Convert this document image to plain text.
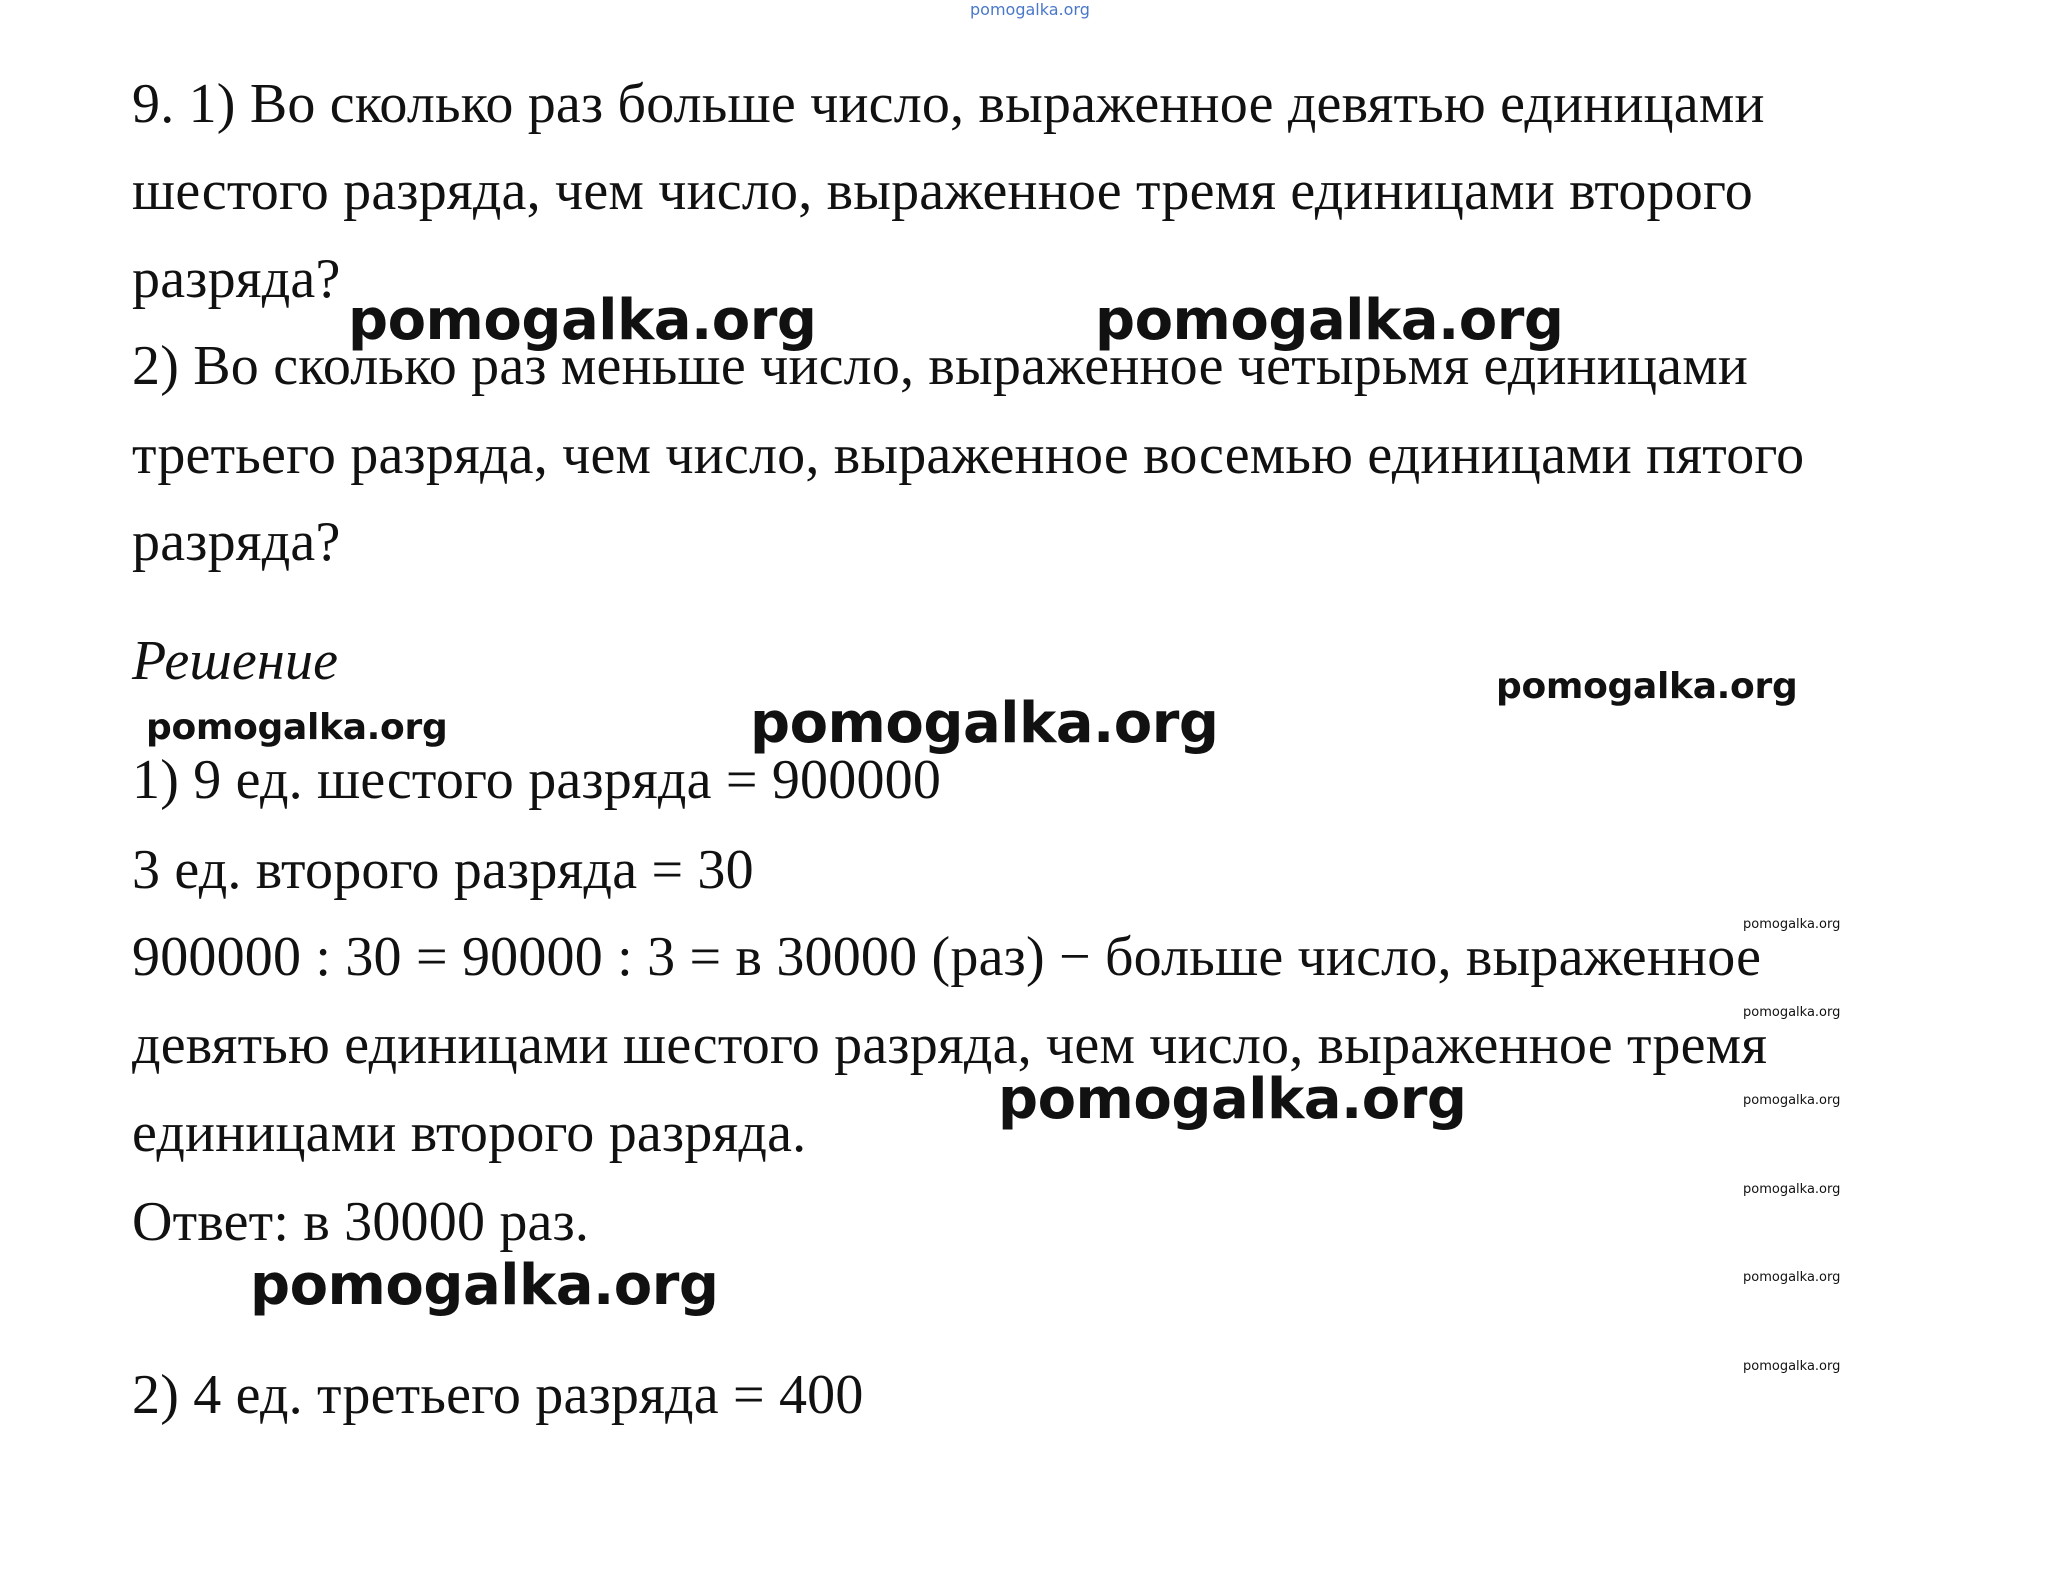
pomogalka.org
9. 1) Во сколько раз больше число, выраженное девятью единицами
шестого разряда, чем число, выраженное тремя единицами второго
разряда?
2) Во сколько раз меньше число, выраженное четырьмя единицами
третьего разряда, чем число, выраженное восемью единицами пятого
разряда?
Решение
1) 9 ед. шестого разряда = 900000
3 ед. второго разряда = 30
900000 : 30 = 90000 : 3 = в 30000 (раз) − больше число, выраженное
девятью единицами шестого разряда, чем число, выраженное тремя
единицами второго разряда.
Ответ: в 30000 раз.
2) 4 ед. третьего разряда = 400
pomogalka.org	pomogalka.org
pomogalka.org
pomogalka.org
pomogalka.org
pomogalka.org
pomogalka.org
pomogalka.org
pomogalka.org
pomogalka.org
pomogalka.org
pomogalka.org
pomogalka.org
